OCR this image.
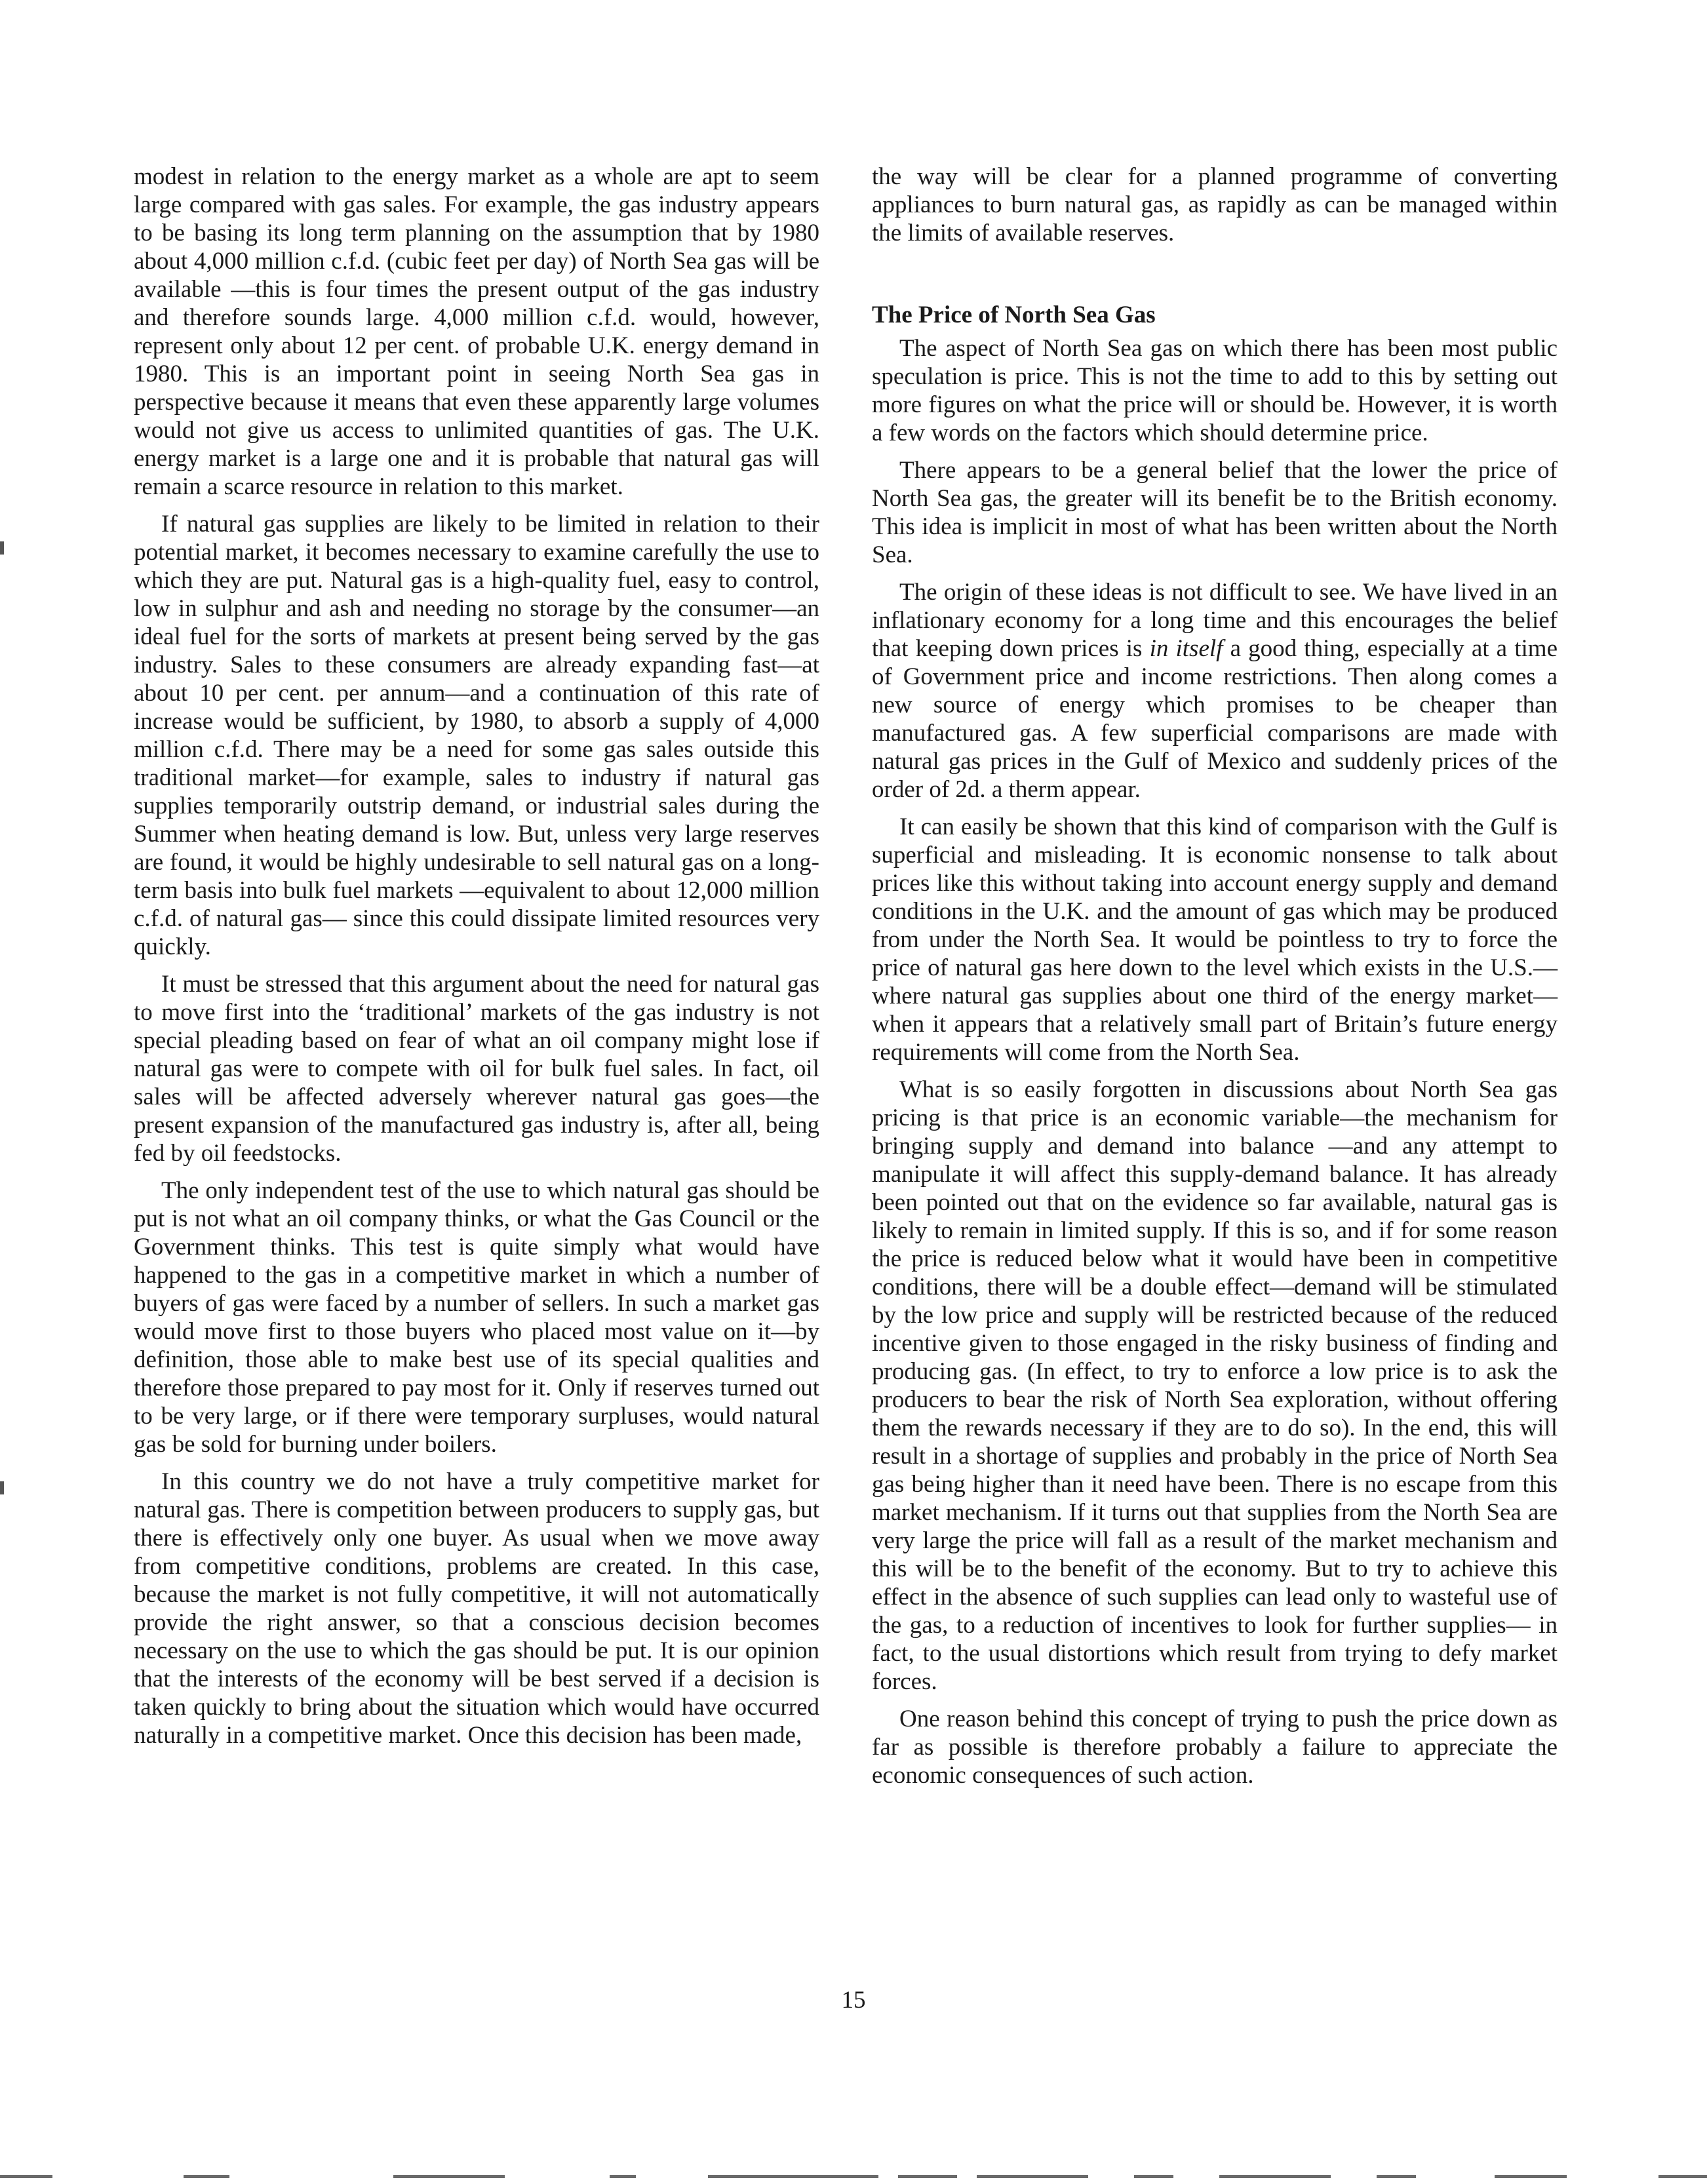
modest in relation to the energy market as a whole are apt to seem large compared with gas sales. For example, the gas industry appears to be basing its long term planning on the assumption that by 1980 about 4,000 million c.f.d. (cubic feet per day) of North Sea gas will be available —this is four times the present output of the gas industry and therefore sounds large. 4,000 million c.f.d. would, however, represent only about 12 per cent. of probable U.K. energy demand in 1980. This is an important point in seeing North Sea gas in perspective because it means that even these apparently large volumes would not give us access to unlimited quantities of gas. The U.K. energy market is a large one and it is probable that natural gas will remain a scarce resource in relation to this market.

If natural gas supplies are likely to be limited in relation to their potential market, it becomes necessary to examine carefully the use to which they are put. Natural gas is a high-quality fuel, easy to control, low in sulphur and ash and needing no storage by the consumer—an ideal fuel for the sorts of markets at present being served by the gas industry. Sales to these consumers are already expanding fast—at about 10 per cent. per annum—and a continuation of this rate of increase would be sufficient, by 1980, to absorb a supply of 4,000 million c.f.d. There may be a need for some gas sales outside this traditional market—for example, sales to industry if natural gas supplies temporarily outstrip demand, or industrial sales during the Summer when heating demand is low. But, unless very large reserves are found, it would be highly undesirable to sell natural gas on a long-term basis into bulk fuel markets —equivalent to about 12,000 million c.f.d. of natural gas— since this could dissipate limited resources very quickly.

It must be stressed that this argument about the need for natural gas to move first into the ‘traditional’ markets of the gas industry is not special pleading based on fear of what an oil company might lose if natural gas were to compete with oil for bulk fuel sales. In fact, oil sales will be affected adversely wherever natural gas goes—the present expansion of the manufactured gas industry is, after all, being fed by oil feedstocks.

The only independent test of the use to which natural gas should be put is not what an oil company thinks, or what the Gas Council or the Government thinks. This test is quite simply what would have happened to the gas in a competitive market in which a number of buyers of gas were faced by a number of sellers. In such a market gas would move first to those buyers who placed most value on it—by definition, those able to make best use of its special qualities and therefore those prepared to pay most for it. Only if reserves turned out to be very large, or if there were temporary surpluses, would natural gas be sold for burning under boilers.

In this country we do not have a truly competitive market for natural gas. There is competition between producers to supply gas, but there is effectively only one buyer. As usual when we move away from competitive conditions, problems are created. In this case, because the market is not fully competitive, it will not automatically provide the right answer, so that a conscious decision becomes necessary on the use to which the gas should be put. It is our opinion that the interests of the economy will be best served if a decision is taken quickly to bring about the situation which would have occurred naturally in a competitive market. Once this decision has been made,

the way will be clear for a planned programme of converting appliances to burn natural gas, as rapidly as can be managed within the limits of available reserves.

The Price of North Sea Gas

The aspect of North Sea gas on which there has been most public speculation is price. This is not the time to add to this by setting out more figures on what the price will or should be. However, it is worth a few words on the factors which should determine price.

There appears to be a general belief that the lower the price of North Sea gas, the greater will its benefit be to the British economy. This idea is implicit in most of what has been written about the North Sea.

The origin of these ideas is not difficult to see. We have lived in an inflationary economy for a long time and this encourages the belief that keeping down prices is in itself a good thing, especially at a time of Government price and income restrictions. Then along comes a new source of energy which promises to be cheaper than manufactured gas. A few superficial comparisons are made with natural gas prices in the Gulf of Mexico and suddenly prices of the order of 2d. a therm appear.

It can easily be shown that this kind of comparison with the Gulf is superficial and misleading. It is economic nonsense to talk about prices like this without taking into account energy supply and demand conditions in the U.K. and the amount of gas which may be produced from under the North Sea. It would be pointless to try to force the price of natural gas here down to the level which exists in the U.S.—where natural gas supplies about one third of the energy market—when it appears that a relatively small part of Britain’s future energy requirements will come from the North Sea.

What is so easily forgotten in discussions about North Sea gas pricing is that price is an economic variable—the mechanism for bringing supply and demand into balance —and any attempt to manipulate it will affect this supply-demand balance. It has already been pointed out that on the evidence so far available, natural gas is likely to remain in limited supply. If this is so, and if for some reason the price is reduced below what it would have been in competitive conditions, there will be a double effect—demand will be stimulated by the low price and supply will be restricted because of the reduced incentive given to those engaged in the risky business of finding and producing gas. (In effect, to try to enforce a low price is to ask the producers to bear the risk of North Sea exploration, without offering them the rewards necessary if they are to do so). In the end, this will result in a shortage of supplies and probably in the price of North Sea gas being higher than it need have been. There is no escape from this market mechanism. If it turns out that supplies from the North Sea are very large the price will fall as a result of the market mechanism and this will be to the benefit of the economy. But to try to achieve this effect in the absence of such supplies can lead only to wasteful use of the gas, to a reduction of incentives to look for further supplies— in fact, to the usual distortions which result from trying to defy market forces.

One reason behind this concept of trying to push the price down as far as possible is therefore probably a failure to appreciate the economic consequences of such action.

15
